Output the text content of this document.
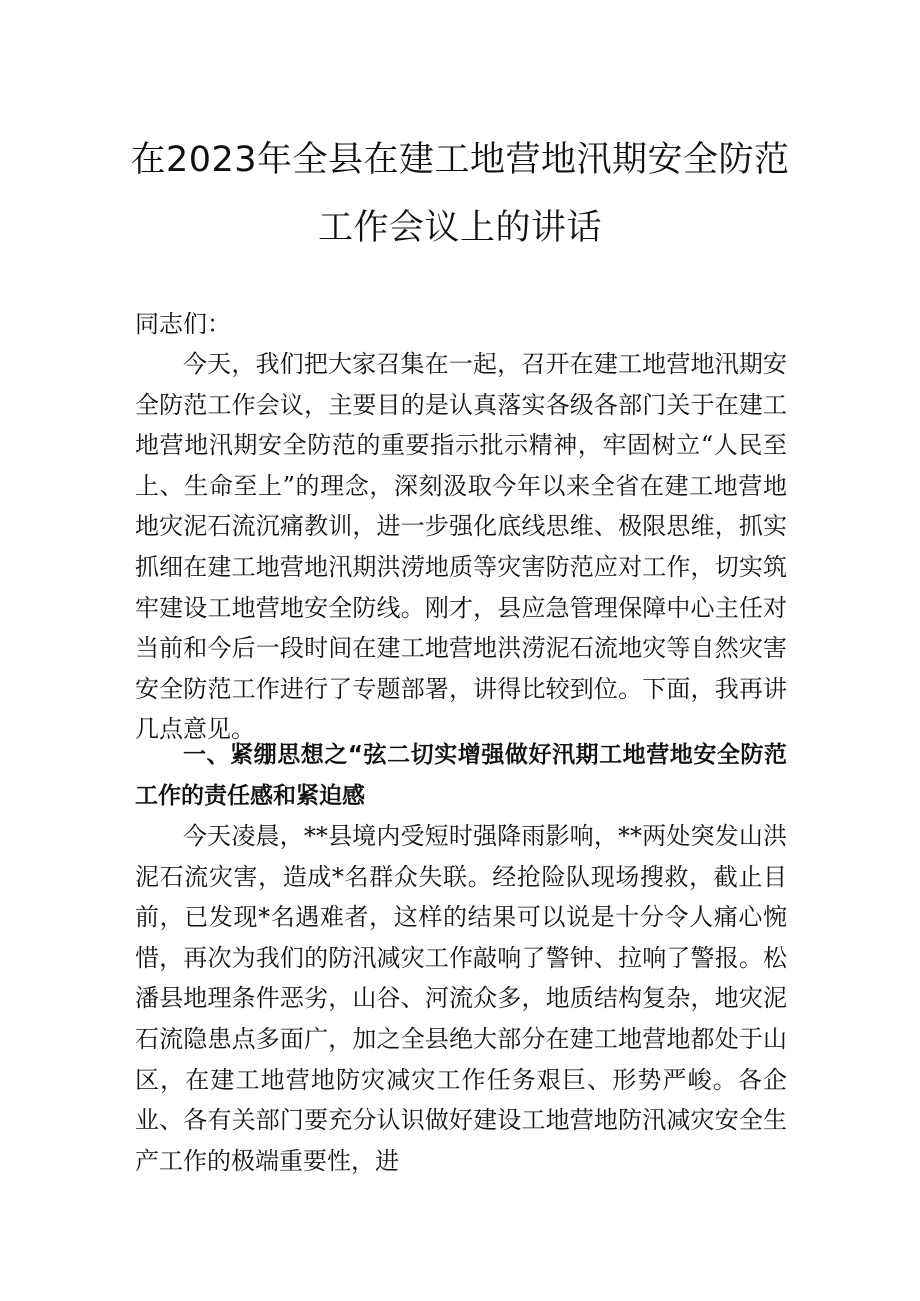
在2023年全县在建工地营地汛期安全防范
工作会议上的讲话

同志们：

今天，我们把大家召集在一起，召开在建工地营地汛期安全防范工作会议，主要目的是认真落实各级各部门关于在建工地营地汛期安全防范的重要指示批示精神，牢固树立“人民至上、生命至上”的理念，深刻汲取今年以来全省在建工地营地地灾泥石流沉痛教训，进一步强化底线思维、极限思维，抓实抓细在建工地营地汛期洪涝地质等灾害防范应对工作，切实筑牢建设工地营地安全防线。刚才，县应急管理保障中心主任对当前和今后一段时间在建工地营地洪涝泥石流地灾等自然灾害安全防范工作进行了专题部署，讲得比较到位。下面，我再讲几点意见。

一、紧绷思想之“弦二切实增强做好汛期工地营地安全防范工作的责任感和紧迫感

今天凌晨，**县境内受短时强降雨影响，**两处突发山洪泥石流灾害，造成*名群众失联。经抢险队现场搜救，截止目前，已发现*名遇难者，这样的结果可以说是十分令人痛心惋惜，再次为我们的防汛减灾工作敲响了警钟、拉响了警报。松潘县地理条件恶劣，山谷、河流众多，地质结构复杂，地灾泥石流隐患点多面广，加之全县绝大部分在建工地营地都处于山区，在建工地营地防灾减灾工作任务艰巨、形势严峻。各企业、各有关部门要充分认识做好建设工地营地防汛减灾安全生产工作的极端重要性，进
